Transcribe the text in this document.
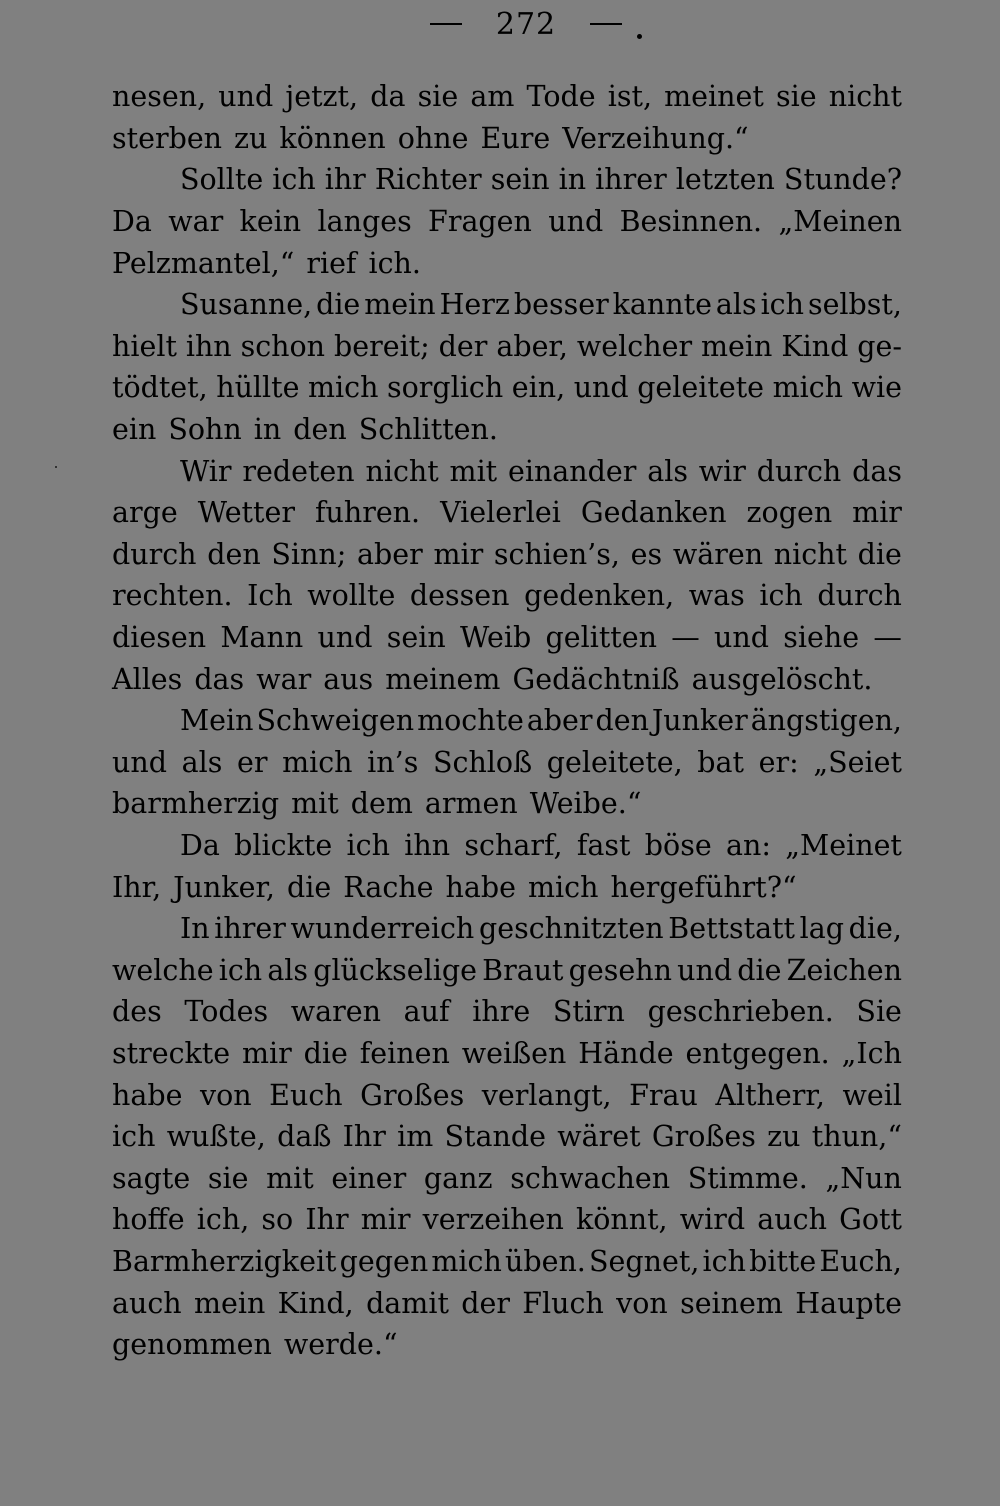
272
nesen, und jetzt, da sie am Tode ist, meinet sie nicht
sterben zu können ohne Eure Verzeihung.“
Sollte ich ihr Richter sein in ihrer letzten Stunde?
Da war kein langes Fragen und Besinnen. „Meinen
Pelzmantel,“ rief ich.
Susanne, die mein Herz besser kannte als ich selbst,
hielt ihn schon bereit; der aber, welcher mein Kind ge-
tödtet, hüllte mich sorglich ein, und geleitete mich wie
ein Sohn in den Schlitten.
Wir redeten nicht mit einander als wir durch das
arge Wetter fuhren. Vielerlei Gedanken zogen mir
durch den Sinn; aber mir schien’s, es wären nicht die
rechten. Ich wollte dessen gedenken, was ich durch
diesen Mann und sein Weib gelitten — und siehe —
Alles das war aus meinem Gedächtniß ausgelöscht.
Mein Schweigen mochte aber den Junker ängstigen,
und als er mich in’s Schloß geleitete, bat er: „Seiet
barmherzig mit dem armen Weibe.“
Da blickte ich ihn scharf, fast böse an: „Meinet
Ihr, Junker, die Rache habe mich hergeführt?“
In ihrer wunderreich geschnitzten Bettstatt lag die,
welche ich als glückselige Braut gesehn und die Zeichen
des Todes waren auf ihre Stirn geschrieben. Sie
streckte mir die feinen weißen Hände entgegen. „Ich
habe von Euch Großes verlangt, Frau Altherr, weil
ich wußte, daß Ihr im Stande wäret Großes zu thun,“
sagte sie mit einer ganz schwachen Stimme. „Nun
hoffe ich, so Ihr mir verzeihen könnt, wird auch Gott
Barmherzigkeit gegen mich üben. Segnet, ich bitte Euch,
auch mein Kind, damit der Fluch von seinem Haupte
genommen werde.“
